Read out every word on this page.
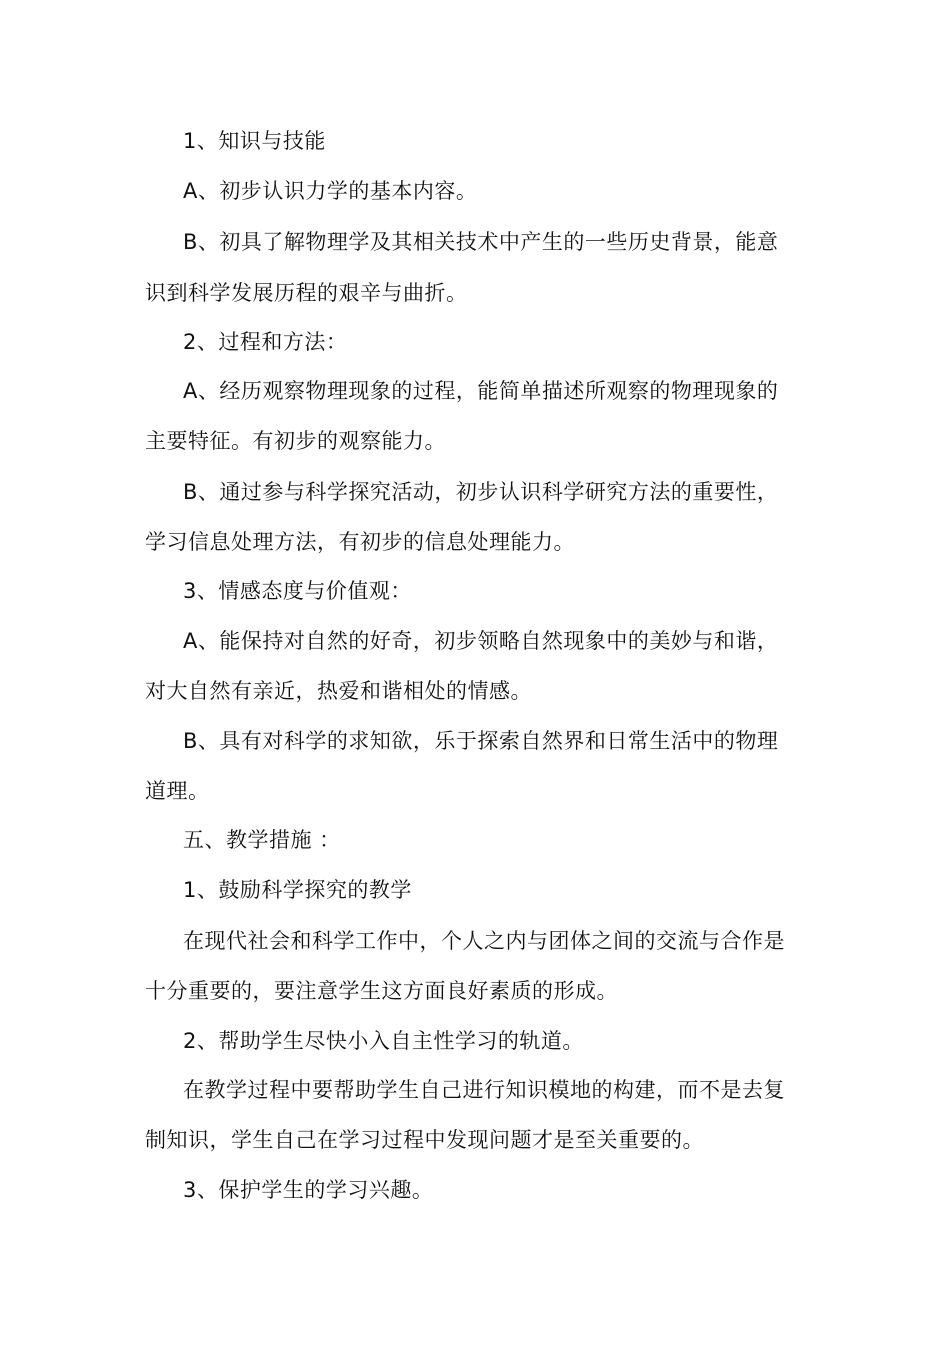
1、知识与技能
A、初步认识力学的基本内容。
B、初具了解物理学及其相关技术中产生的一些历史背景，能意
识到科学发展历程的艰辛与曲折。
2、过程和方法：
A、经历观察物理现象的过程，能简单描述所观察的物理现象的
主要特征。有初步的观察能力。
B、通过参与科学探究活动，初步认识科学研究方法的重要性，
学习信息处理方法，有初步的信息处理能力。
3、情感态度与价值观：
A、能保持对自然的好奇，初步领略自然现象中的美妙与和谐，
对大自然有亲近，热爱和谐相处的情感。
B、具有对科学的求知欲，乐于探索自然界和日常生活中的物理
道理。
五、教学措施 ：
1、鼓励科学探究的教学
在现代社会和科学工作中，个人之内与团体之间的交流与合作是
十分重要的，要注意学生这方面良好素质的形成。
2、帮助学生尽快小入自主性学习的轨道。
在教学过程中要帮助学生自己进行知识模地的构建，而不是去复
制知识，学生自己在学习过程中发现问题才是至关重要的。
3、保护学生的学习兴趣。
